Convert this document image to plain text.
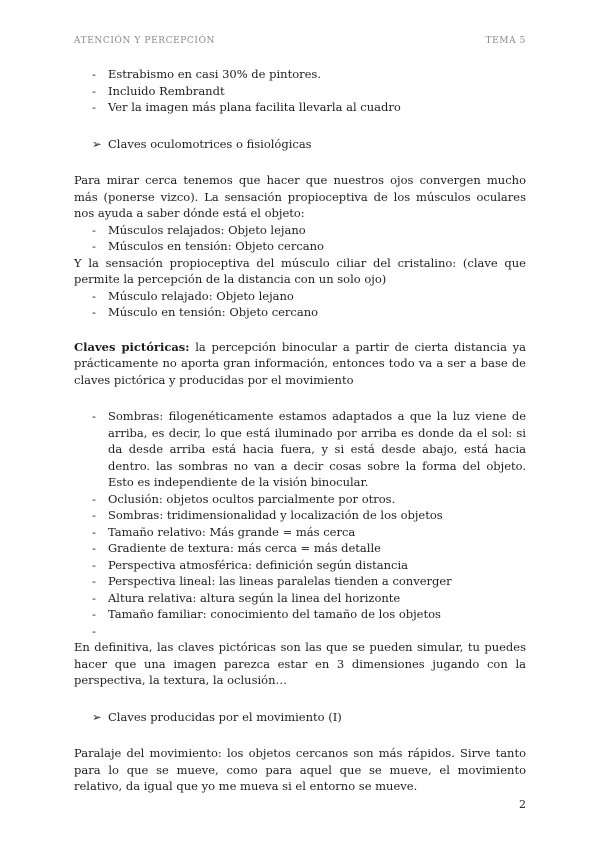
ATENCIÓN Y PERCEPCIÓN	TEMA 5
- Estrabismo en casi 30% de pintores.
- Incluido Rembrandt
- Ver la imagen más plana facilita llevarla al cuadro
➢ Claves oculomotrices o fisiológicas

Para mirar cerca tenemos que hacer que nuestros ojos convergen mucho más (ponerse vizco). La sensación propioceptiva de los músculos oculares nos ayuda a saber dónde está el objeto:

- Músculos relajados: Objeto lejano
- Músculos en tensión: Objeto cercano

Y la sensación propioceptiva del músculo ciliar del cristalino: (clave que permite la percepción de la distancia con un solo ojo)

- Músculo relajado: Objeto lejano
- Músculo en tensión: Objeto cercano

Claves pictóricas: la percepción binocular a partir de cierta distancia ya prácticamente no aporta gran información, entonces todo va a ser a base de claves pictórica y producidas por el movimiento

- Sombras: filogenéticamente estamos adaptados a que la luz viene de arriba, es decir, lo que está iluminado por arriba es donde da el sol: si da desde arriba está hacia fuera, y si está desde abajo, está hacia dentro. las sombras no van a decir cosas sobre la forma del objeto. Esto es independiente de la visión binocular.
- Oclusión: objetos ocultos parcialmente por otros.
- Sombras: tridimensionalidad y localización de los objetos
- Tamaño relativo: Más grande = más cerca
- Gradiente de textura: más cerca = más detalle
- Perspectiva atmosférica: definición según distancia
- Perspectiva lineal: las lineas paralelas tienden a converger
- Altura relativa: altura según la linea del horizonte
- Tamaño familiar: conocimiento del tamaño de los objetos
-

En definitiva, las claves pictóricas son las que se pueden simular, tu puedes hacer que una imagen parezca estar en 3 dimensiones jugando con la perspectiva, la textura, la oclusión…

➢ Claves producidas por el movimiento (I)

Paralaje del movimiento: los objetos cercanos son más rápidos. Sirve tanto para lo que se mueve, como para aquel que se mueve, el movimiento relativo, da igual que yo me mueva si el entorno se mueve.

2
